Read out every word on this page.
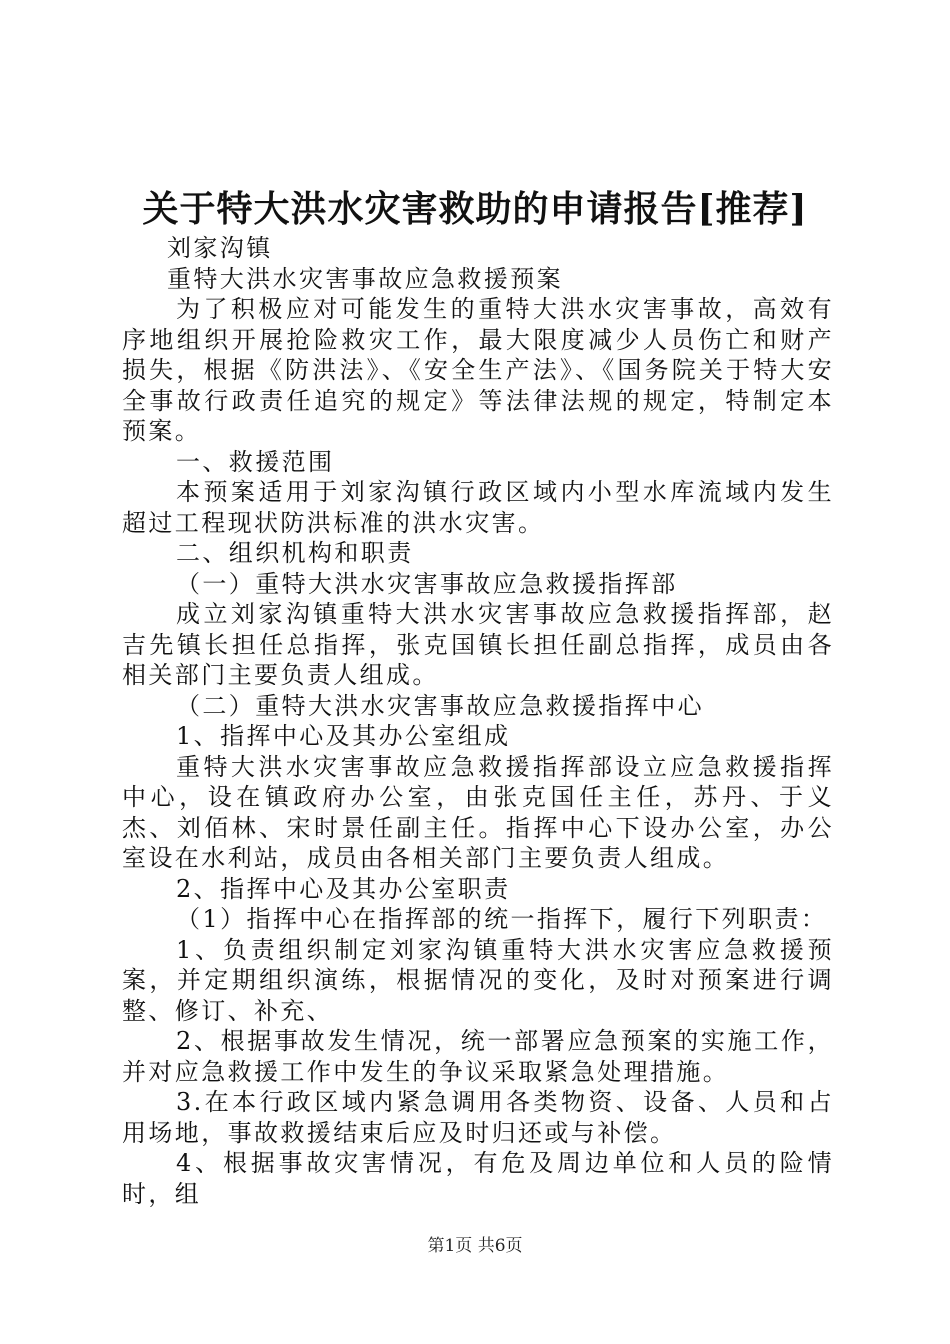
关于特大洪水灾害救助的申请报告[推荐]

刘家沟镇

重特大洪水灾害事故应急救援预案

为了积极应对可能发生的重特大洪水灾害事故，高效有序地组织开展抢险救灾工作，最大限度减少人员伤亡和财产损失，根据《防洪法》、《安全生产法》、《国务院关于特大安全事故行政责任追究的规定》等法律法规的规定，特制定本预案。

一、救援范围

本预案适用于刘家沟镇行政区域内小型水库流域内发生超过工程现状防洪标准的洪水灾害。

二、组织机构和职责

（一）重特大洪水灾害事故应急救援指挥部

成立刘家沟镇重特大洪水灾害事故应急救援指挥部，赵吉先镇长担任总指挥，张克国镇长担任副总指挥，成员由各相关部门主要负责人组成。

（二）重特大洪水灾害事故应急救援指挥中心

1、指挥中心及其办公室组成

重特大洪水灾害事故应急救援指挥部设立应急救援指挥中心，设在镇政府办公室，由张克国任主任，苏丹、于义杰、刘佰林、宋时景任副主任。指挥中心下设办公室，办公室设在水利站，成员由各相关部门主要负责人组成。

2、指挥中心及其办公室职责

（1）指挥中心在指挥部的统一指挥下，履行下列职责：

1、负责组织制定刘家沟镇重特大洪水灾害应急救援预案，并定期组织演练，根据情况的变化，及时对预案进行调整、修订、补充、

2、根据事故发生情况，统一部署应急预案的实施工作，并对应急救援工作中发生的争议采取紧急处理措施。

3.在本行政区域内紧急调用各类物资、设备、人员和占用场地，事故救援结束后应及时归还或与补偿。

4、根据事故灾害情况，有危及周边单位和人员的险情时，组

第1页 共6页
